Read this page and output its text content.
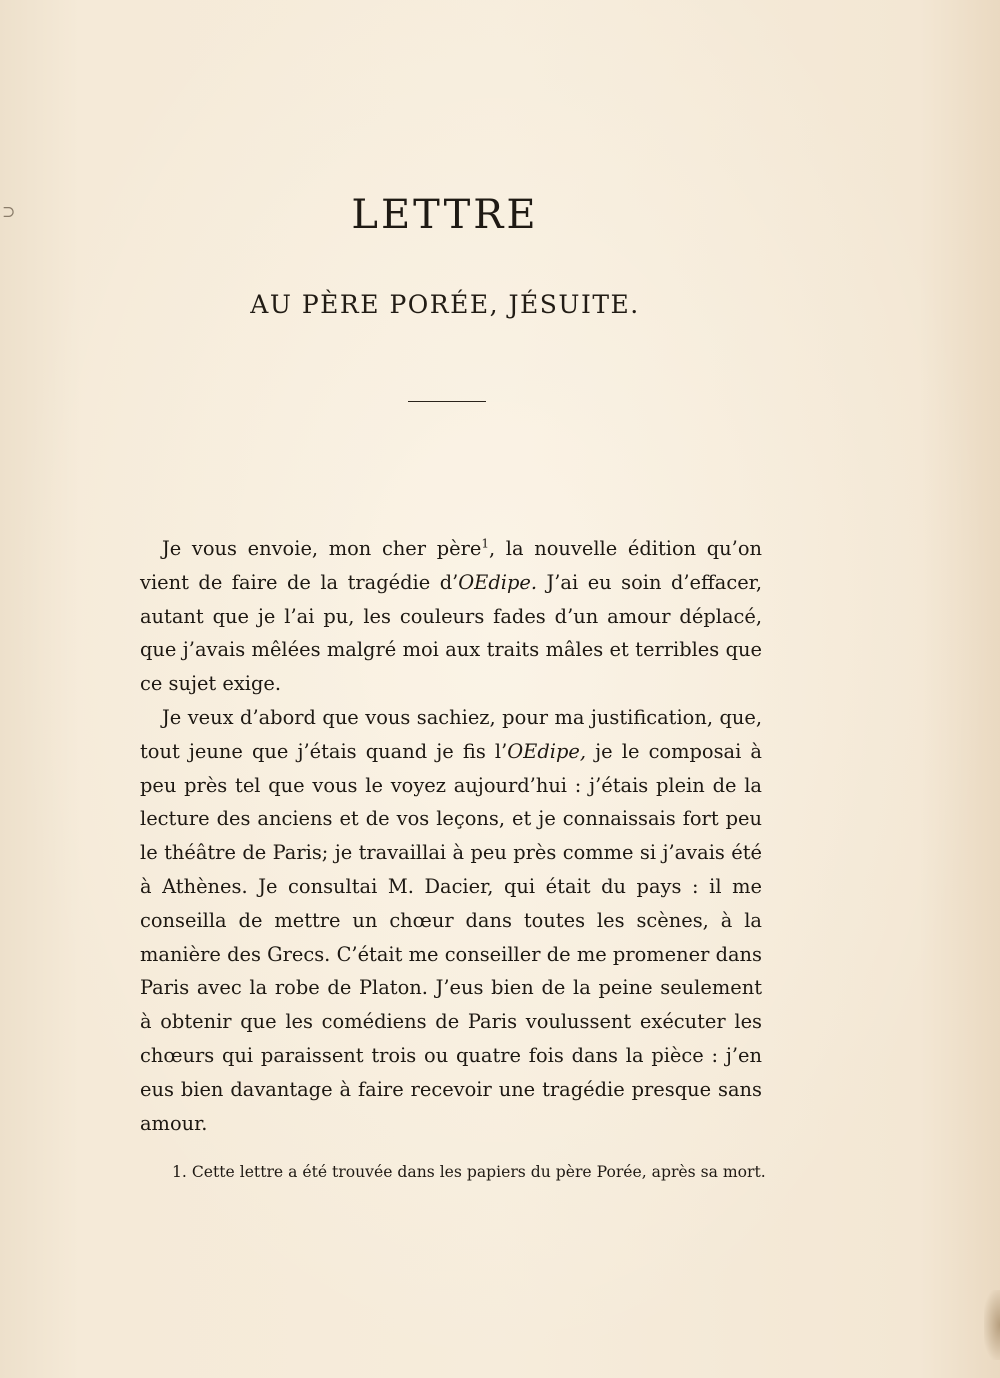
⊃	LETTRE
AU PÈRE PORÉE, JÉSUITE.

Je vous envoie, mon cher père$^1$, la nouvelle édition qu’on vient de faire de la tragédie d’OEdipe. J’ai eu soin d’effacer, autant que je l’ai pu, les couleurs fades d’un amour déplacé, que j’avais mêlées malgré moi aux traits mâles et terribles que ce sujet exige.

Je veux d’abord que vous sachiez, pour ma justification, que, tout jeune que j’étais quand je fis l’OEdipe, je le composai à peu près tel que vous le voyez aujourd’hui : j’étais plein de la lecture des anciens et de vos leçons, et je connaissais fort peu le théâtre de Paris; je travaillai à peu près comme si j’avais été à Athènes. Je consultai M. Dacier, qui était du pays : il me conseilla de mettre un chœur dans toutes les scènes, à la manière des Grecs. C’était me conseiller de me promener dans Paris avec la robe de Platon. J’eus bien de la peine seulement à obtenir que les comédiens de Paris voulussent exécuter les chœurs qui paraissent trois ou quatre fois dans la pièce : j’en eus bien davantage à faire recevoir une tragédie presque sans amour.

1. Cette lettre a été trouvée dans les papiers du père Porée, après sa mort.
